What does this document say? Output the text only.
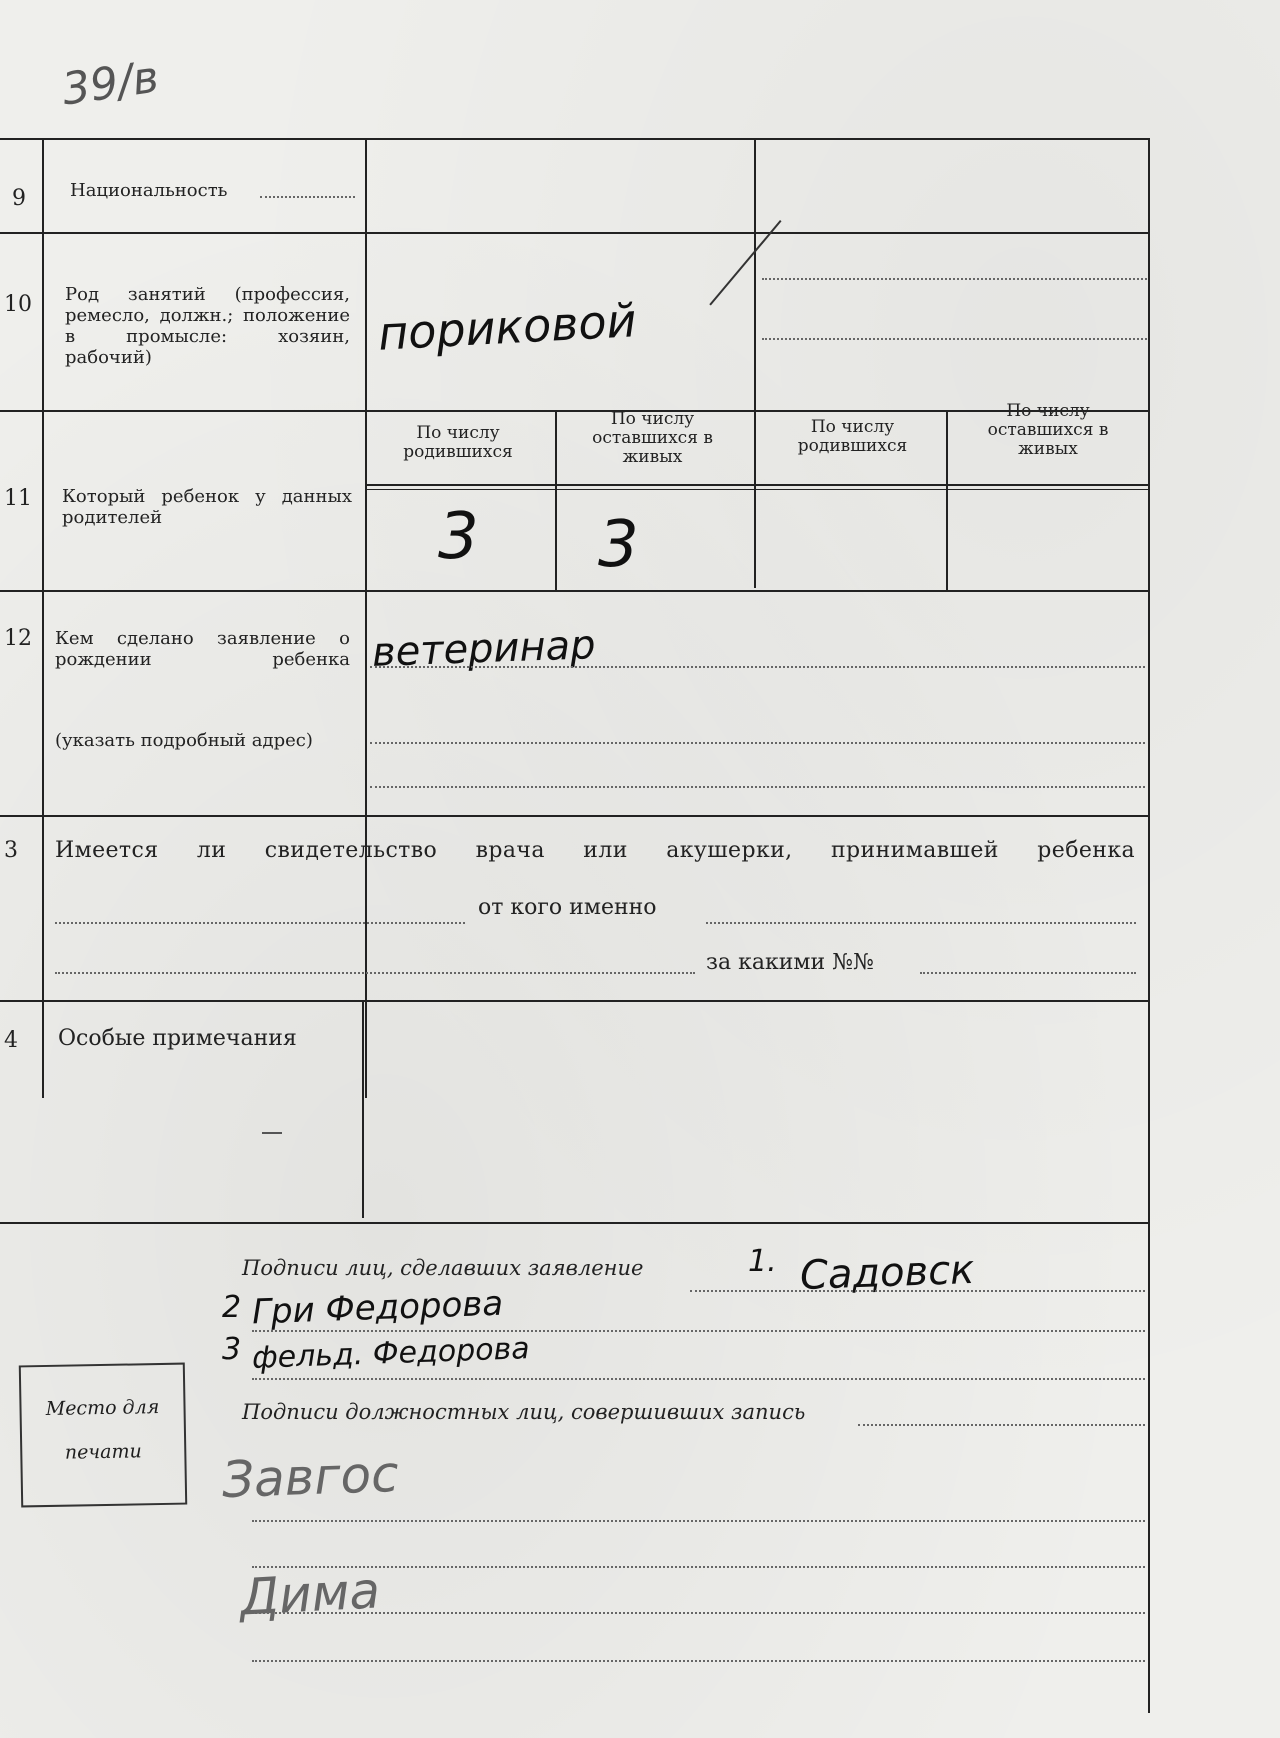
39/в
9 Национальность
10 Род занятий (профессия, ремесло, должн.; положение в промысле: хозяин, рабочий)	пориковой
11 Который ребенок у данных родителей
По числу родившихся
По числу оставшихся в живых
По числу родившихся
По числу оставшихся в живых
3 3
12 Кем сделано заявление о рождении ребенка
(указать подробный адрес)
ветеринар
3 Имеется ли свидетельство врача или акушерки, принимавшей ребенка
от кого именно
за какими №№
4 Особые примечания
Подписи лиц, сделавших заявление	1. Садовск
2 Гри Федорова
3 фельд. Федорова
Подписи должностных лиц, совершивших запись
Завгос
Дима
Место для
печати
